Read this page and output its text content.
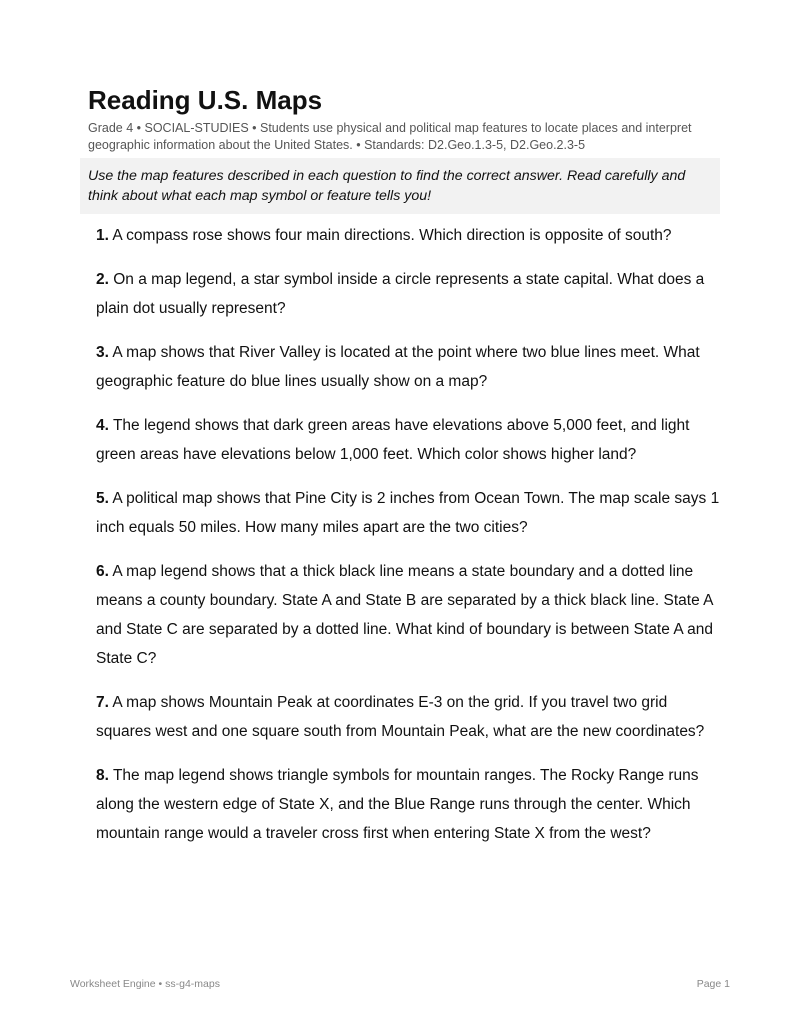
Reading U.S. Maps
Grade 4 • SOCIAL-STUDIES • Students use physical and political map features to locate places and interpret geographic information about the United States. • Standards: D2.Geo.1.3-5, D2.Geo.2.3-5
Use the map features described in each question to find the correct answer. Read carefully and think about what each map symbol or feature tells you!
1. A compass rose shows four main directions. Which direction is opposite of south?
2. On a map legend, a star symbol inside a circle represents a state capital. What does a plain dot usually represent?
3. A map shows that River Valley is located at the point where two blue lines meet. What geographic feature do blue lines usually show on a map?
4. The legend shows that dark green areas have elevations above 5,000 feet, and light green areas have elevations below 1,000 feet. Which color shows higher land?
5. A political map shows that Pine City is 2 inches from Ocean Town. The map scale says 1 inch equals 50 miles. How many miles apart are the two cities?
6. A map legend shows that a thick black line means a state boundary and a dotted line means a county boundary. State A and State B are separated by a thick black line. State A and State C are separated by a dotted line. What kind of boundary is between State A and State C?
7. A map shows Mountain Peak at coordinates E-3 on the grid. If you travel two grid squares west and one square south from Mountain Peak, what are the new coordinates?
8. The map legend shows triangle symbols for mountain ranges. The Rocky Range runs along the western edge of State X, and the Blue Range runs through the center. Which mountain range would a traveler cross first when entering State X from the west?
Worksheet Engine • ss-g4-maps	Page 1
